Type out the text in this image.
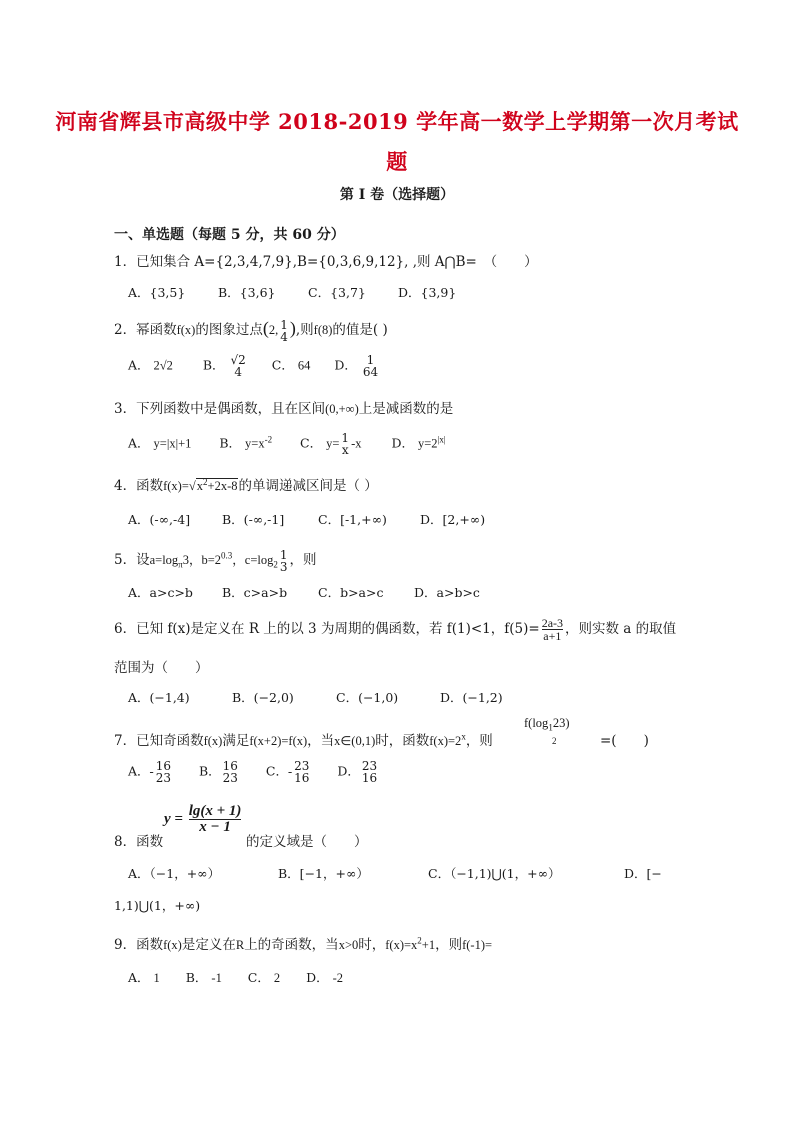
河南省辉县市高级中学 2018-2019 学年高一数学上学期第一次月考试
题
第 I 卷（选择题）
一、单选题（每题 5 分，共 60 分）
1．已知集合 A={2,3,4,7,9},B={0,3,6,9,12}, ,则 A⋂B=　（　　）
A．{3,5}	B．{3,6}	C．{3,7}	D．{3,9}
2．幂函数f(x)的图象过点(2, 1
4 ),则f(8)的值是( )
A． 2√2 B． √2
4	C． 64 D． 1
64
3．下列函数中是偶函数，且在区间(0,+∞)上是减函数的是
A． y=|x|+1 B． $y=x^{-2}$ C． y= 1
x -x D． $y=2^{|x|}$
4．函数$f(x)=√x^2+2x-8$的单调递减区间是（ ）
A．(-∞,-4]	B．(-∞,-1]	C．[-1,+∞)	D．[2,+∞)
5．设$a=\log_\pi 3$，$b=2^{0.3}$，$c=\log_2$
1
3 ，则
A．a>c>b B．c>a>b C．b>a>c D．a>b>c
6．已知 f(x)是定义在 R 上的以 3 为周期的偶函数，若 f(1)<1，$f(5)= \frac{2a-3}{a+1}$ ，则实数 a 的取值
范围为（　　）
A．(−1,4)	B．(−2,0)	C．(−1,0)	D．(−1,2)
7．已知奇函数f(x)满足f(x+2)=f(x)，当x∈(0,1)时，函数$f(x)=2^x$，则
$f(\log_123)$
2	=(　　)
A．- 16
23 B． 16
23 C．- 23
16 D． 23
16
8．函数
$y = \frac{\lg(x + 1)}{x - 1}$
的定义域是（　　）
A．（−1，+∞）	B．[−1，+∞）	C．（−1,1)⋃(1，+∞）	D．[−
1,1)⋃(1，+∞)
9．函数f(x)是定义在R上的奇函数，当x>0时，$f(x)=x^2+1$，则f(-1)=
A． 1 B． -1 C． 2 D． -2
